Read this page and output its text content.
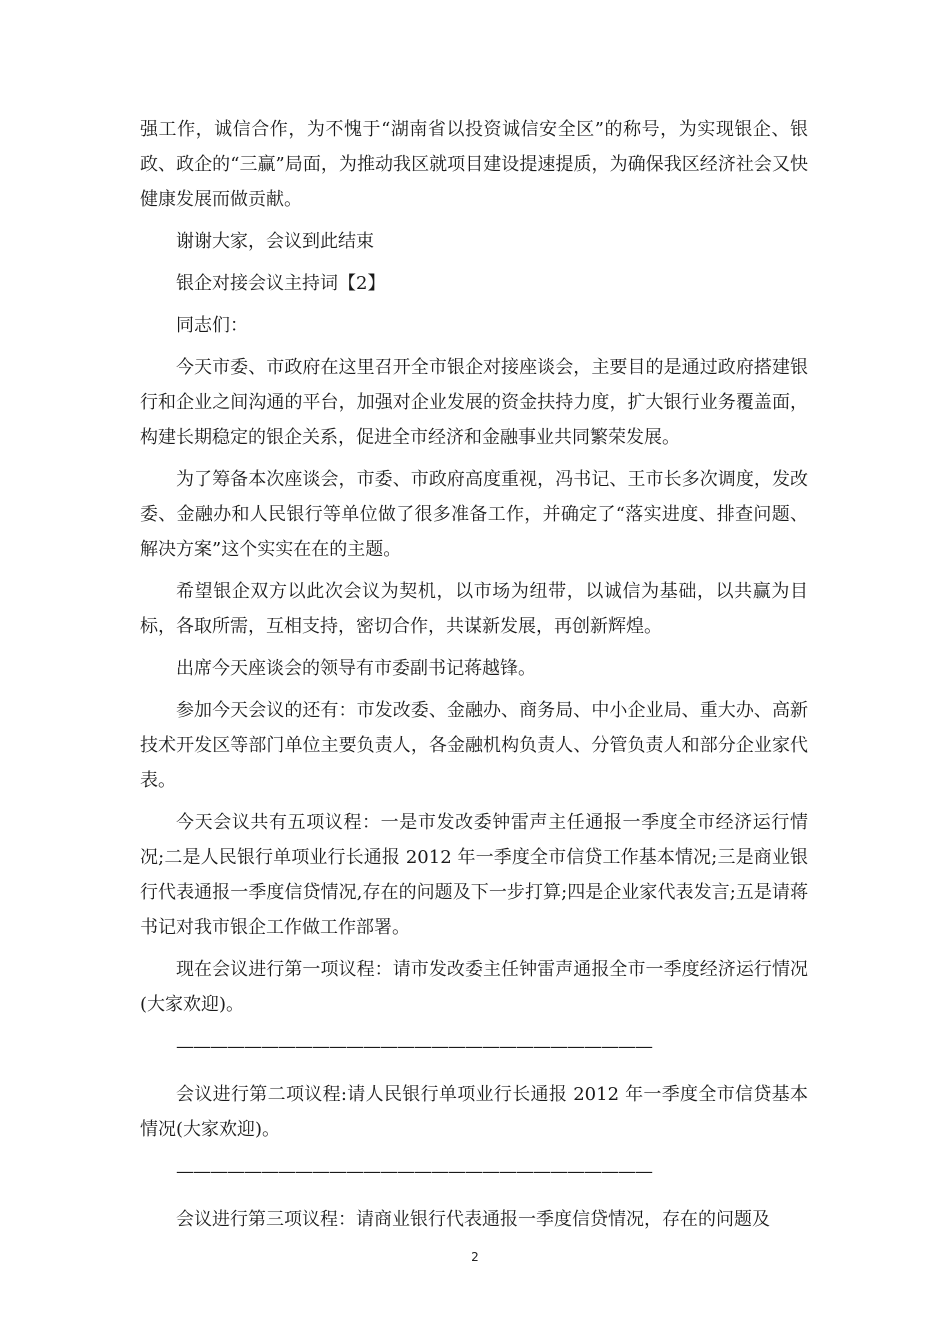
强工作，诚信合作，为不愧于“湖南省以投资诚信安全区”的称号，为实现银企、银政、政企的“三赢”局面，为推动我区就项目建设提速提质，为确保我区经济社会又快健康发展而做贡献。

谢谢大家，会议到此结束

银企对接会议主持词【2】

同志们：

今天市委、市政府在这里召开全市银企对接座谈会，主要目的是通过政府搭建银行和企业之间沟通的平台，加强对企业发展的资金扶持力度，扩大银行业务覆盖面，构建长期稳定的银企关系，促进全市经济和金融事业共同繁荣发展。

为了筹备本次座谈会，市委、市政府高度重视，冯书记、王市长多次调度，发改委、金融办和人民银行等单位做了很多准备工作，并确定了“落实进度、排查问题、解决方案”这个实实在在的主题。

希望银企双方以此次会议为契机，以市场为纽带，以诚信为基础，以共赢为目标，各取所需，互相支持，密切合作，共谋新发展，再创新辉煌。

出席今天座谈会的领导有市委副书记蒋越锋。

参加今天会议的还有：市发改委、金融办、商务局、中小企业局、重大办、高新技术开发区等部门单位主要负责人，各金融机构负责人、分管负责人和部分企业家代表。

今天会议共有五项议程：一是市发改委钟雷声主任通报一季度全市经济运行情况;二是人民银行单项业行长通报 2012 年一季度全市信贷工作基本情况;三是商业银行代表通报一季度信贷情况,存在的问题及下一步打算;四是企业家代表发言;五是请蒋书记对我市银企工作做工作部署。

现在会议进行第一项议程：请市发改委主任钟雷声通报全市一季度经济运行情况(大家欢迎)。

————————————————————————————

会议进行第二项议程:请人民银行单项业行长通报 2012 年一季度全市信贷基本情况(大家欢迎)。

————————————————————————————

会议进行第三项议程：请商业银行代表通报一季度信贷情况，存在的问题及

2
